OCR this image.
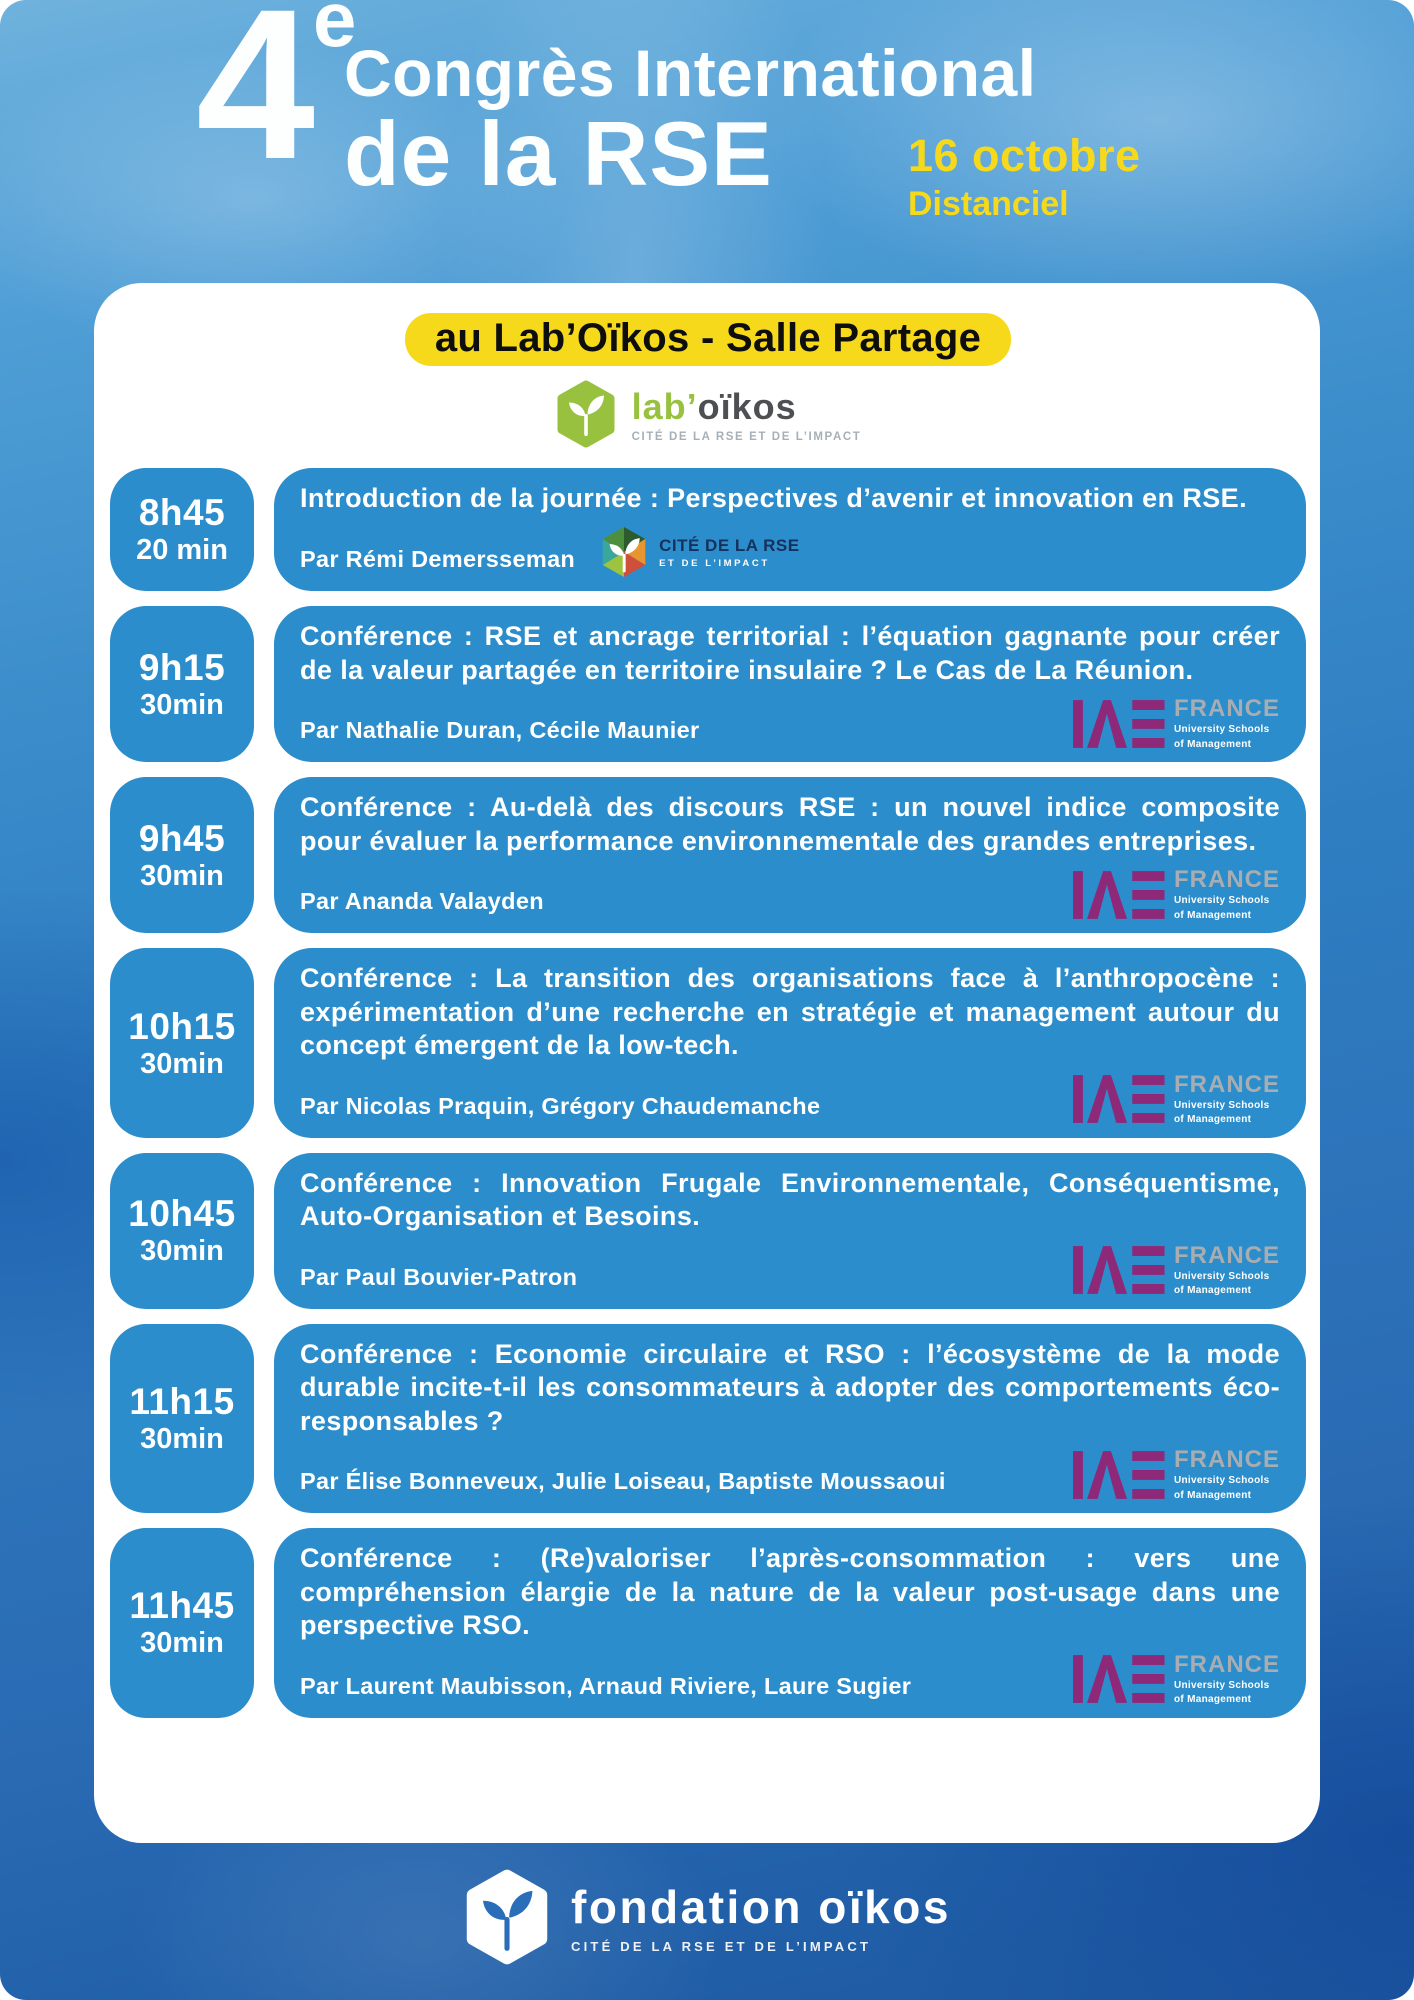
4e
Congrès International
de la RSE	16 octobre
Distanciel
au Lab’Oïkos - Salle Partage
lab’oïkos
CITÉ DE LA RSE ET DE L’IMPACT
8h45
20 min
Introduction de la journée : Perspectives d’avenir et innovation en RSE.
Par Rémi Demersseman
CITÉ DE LA RSE
ET DE L’IMPACT
9h15
30min
Conférence : RSE et ancrage territorial : l’équation gagnante pour créer de la valeur partagée en territoire insulaire ? Le Cas de La Réunion.
Par Nathalie Duran, Cécile Maunier
FRANCE
University Schools
of Management
9h45
30min
Conférence : Au-delà des discours RSE : un nouvel indice composite pour évaluer la performance environnementale des grandes entreprises.
Par Ananda Valayden
FRANCE
University Schools
of Management
10h15
30min
Conférence : La transition des organisations face à l’anthropocène : expérimentation d’une recherche en stratégie et management autour du concept émergent de la low-tech.
Par Nicolas Praquin, Grégory Chaudemanche
FRANCE
University Schools
of Management
10h45
30min
Conférence : Innovation Frugale Environnementale, Conséquentisme, Auto-Organisation et Besoins.
Par Paul Bouvier-Patron
FRANCE
University Schools
of Management
11h15
30min
Conférence : Economie circulaire et RSO : l’écosystème de la mode durable incite-t-il les consommateurs à adopter des comportements éco-responsables ?
Par Élise Bonneveux, Julie Loiseau, Baptiste Moussaoui
FRANCE
University Schools
of Management
11h45
30min
Conférence : (Re)valoriser l’après-consommation : vers une compréhension élargie de la nature de la valeur post-usage dans une perspective RSO.
Par Laurent Maubisson, Arnaud Riviere, Laure Sugier
FRANCE
University Schools
of Management
fondation oïkos
CITÉ DE LA RSE ET DE L’IMPACT
